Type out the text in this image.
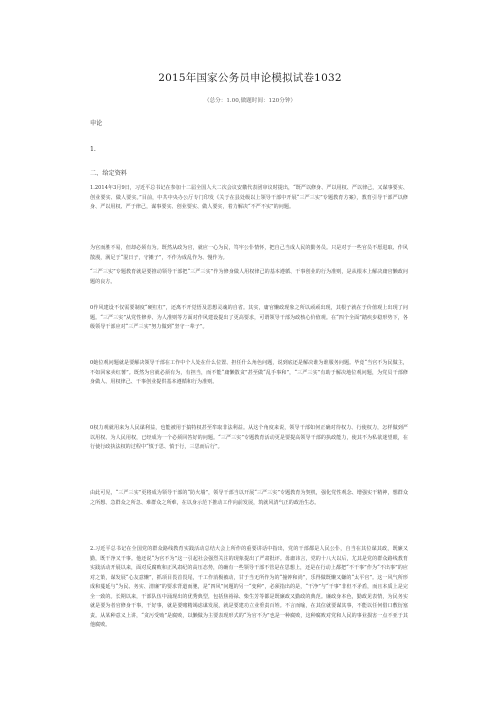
2015年国家公务员申论模拟试卷1032
（总分：1.00,做题时间：120分钟）
申论
1.
二、给定资料

1.2014年3月9日，习近平总书记在参加十二届全国人大二次会议安徽代表团审议时提出，“既严以修身、严以用权、严以律己，又谋事要实、创业要实、做人要实。”目前，中共中央办公厅专门印发《关于在县处级以上领导干部中开展“三严三实”专题教育方案》，教育引导干部严以修身、严以用权、严于律己，谋事要实、创业要实、做人要实，着力解决“不严不实”的问题。

为官而胜不易，但却必须有为。既然从政为官，就应一心为民，笃牢公仆情怀，把自己当成人民的勤务员。只是对于一些官员不愿进取、作风散漫，满足于“混日子，守摊子”，不作为成乱作为、慢作为。

“三严三实”专题教育就是要推动领导干部把“三严三实”作为修身做人用权律己的基本遵循、干事创业的行为准则，是从根本上解决庸官懒政问题的良方。

0作风建设不仅需要制度“硬杠杠”，还离不开觉悟及思想灵魂的自省。其实，庸官懒政现象之所以顽顽出现，其根子就在于价值观上出现了问题。“三严三实”从党性修养、为人准则等方面对作风建设提出了更高要求，可谓领导干部为政核心价值观。在“四个全面”踏疾步稳形势下，各级领导干部应对“三严三实”努力做到“坚守一辈子”。

0她位观问题就是要解决领导干部在工作中个人处在什么位置、担任什么角色问题，说到底还是解决谁为谁服务问题。毕竟“当官不为民做主，不如回家卖红薯”。既然为官就必须有为，有担当，而不能“庸懒散贪”甚至做“乱手事和”，“三严三实”有助于解决地位观问题，为党员干部修身做人、用权律己、干事创业提供基本遵循和行为准则。

0权力观就用来为人民谋利益，也能被用于搞特权甚至牟取非法利益。从这个角度来说，领导干部如何正确对待权力、行使权力，怎样做到严以用权、为人民用权，已经成为一个必须回答好的问题。“三严三实”专题教育活动更是要提高领导干部的执政能力，使其不为私欲迷望眼，在行使行政执法权的过程中“慎于思、慎于行，三思而后行”。

由此可见，“三严三实”更将成为领导干部的“防火墙”，领导干部当以开展“三严三实”专题教育为契机，强化党性观念、增强实干精神，想群众之所想、急群众之所急、难群众之所难，在以身示范下推动工作向前发展，筑就风清气正的政治生态。

2.习近平总书记在全国党的群众路线教育实践活动总结大会上所作的重要讲话中指出，党的干部都是人民公仆，自当在其位谋其政，既廉又勤，既干净又干事。他还说“为官不为”这一引起社会强烈关注的现象提出了严肃批评。毋庸讳言，党的十八大以后，尤其是党的群众路线教育实践活动开展以来，面对反腐败和正风肃纪的高压态势，的确有一些领导干部不管是在思想上，还是在行动上都把“不干事”作为“不出事”的应对之策，谋发展“心友意懒”，抓项目畏首畏尾，干工作消极被动，甘于当无所作为的“撞钟和尚”，乐得做既懒又嫌的“太平官”。这一风气所形成和蔓延与“为民、务实、清廉”的要求背道而驰，是“四风”问题的另一“变种”，必须指出的是，“干净”与“干事”非但不矛盾，而且本质上是完全一致的。长期以来，干部队伍中涌现出的优秀典型，包括焦裕禄、柴生芳等都是既廉政又勤政的典范。廉政身本色，勤政见表情，为民务实就是要为者官修身干事，干好事，就是要赌精竭虑谋发展，就是要建功立业垂责百姓。不言而喻，在其位就要谋其事，不能以任何借口敷衍塞责。从某种意义上讲，“贪污受贿”是腐败，以懒做为主要表现形式的“为官不为”也是一种腐败，这种腐败对党和人民的事业损害一点不亚于其他腐败。
